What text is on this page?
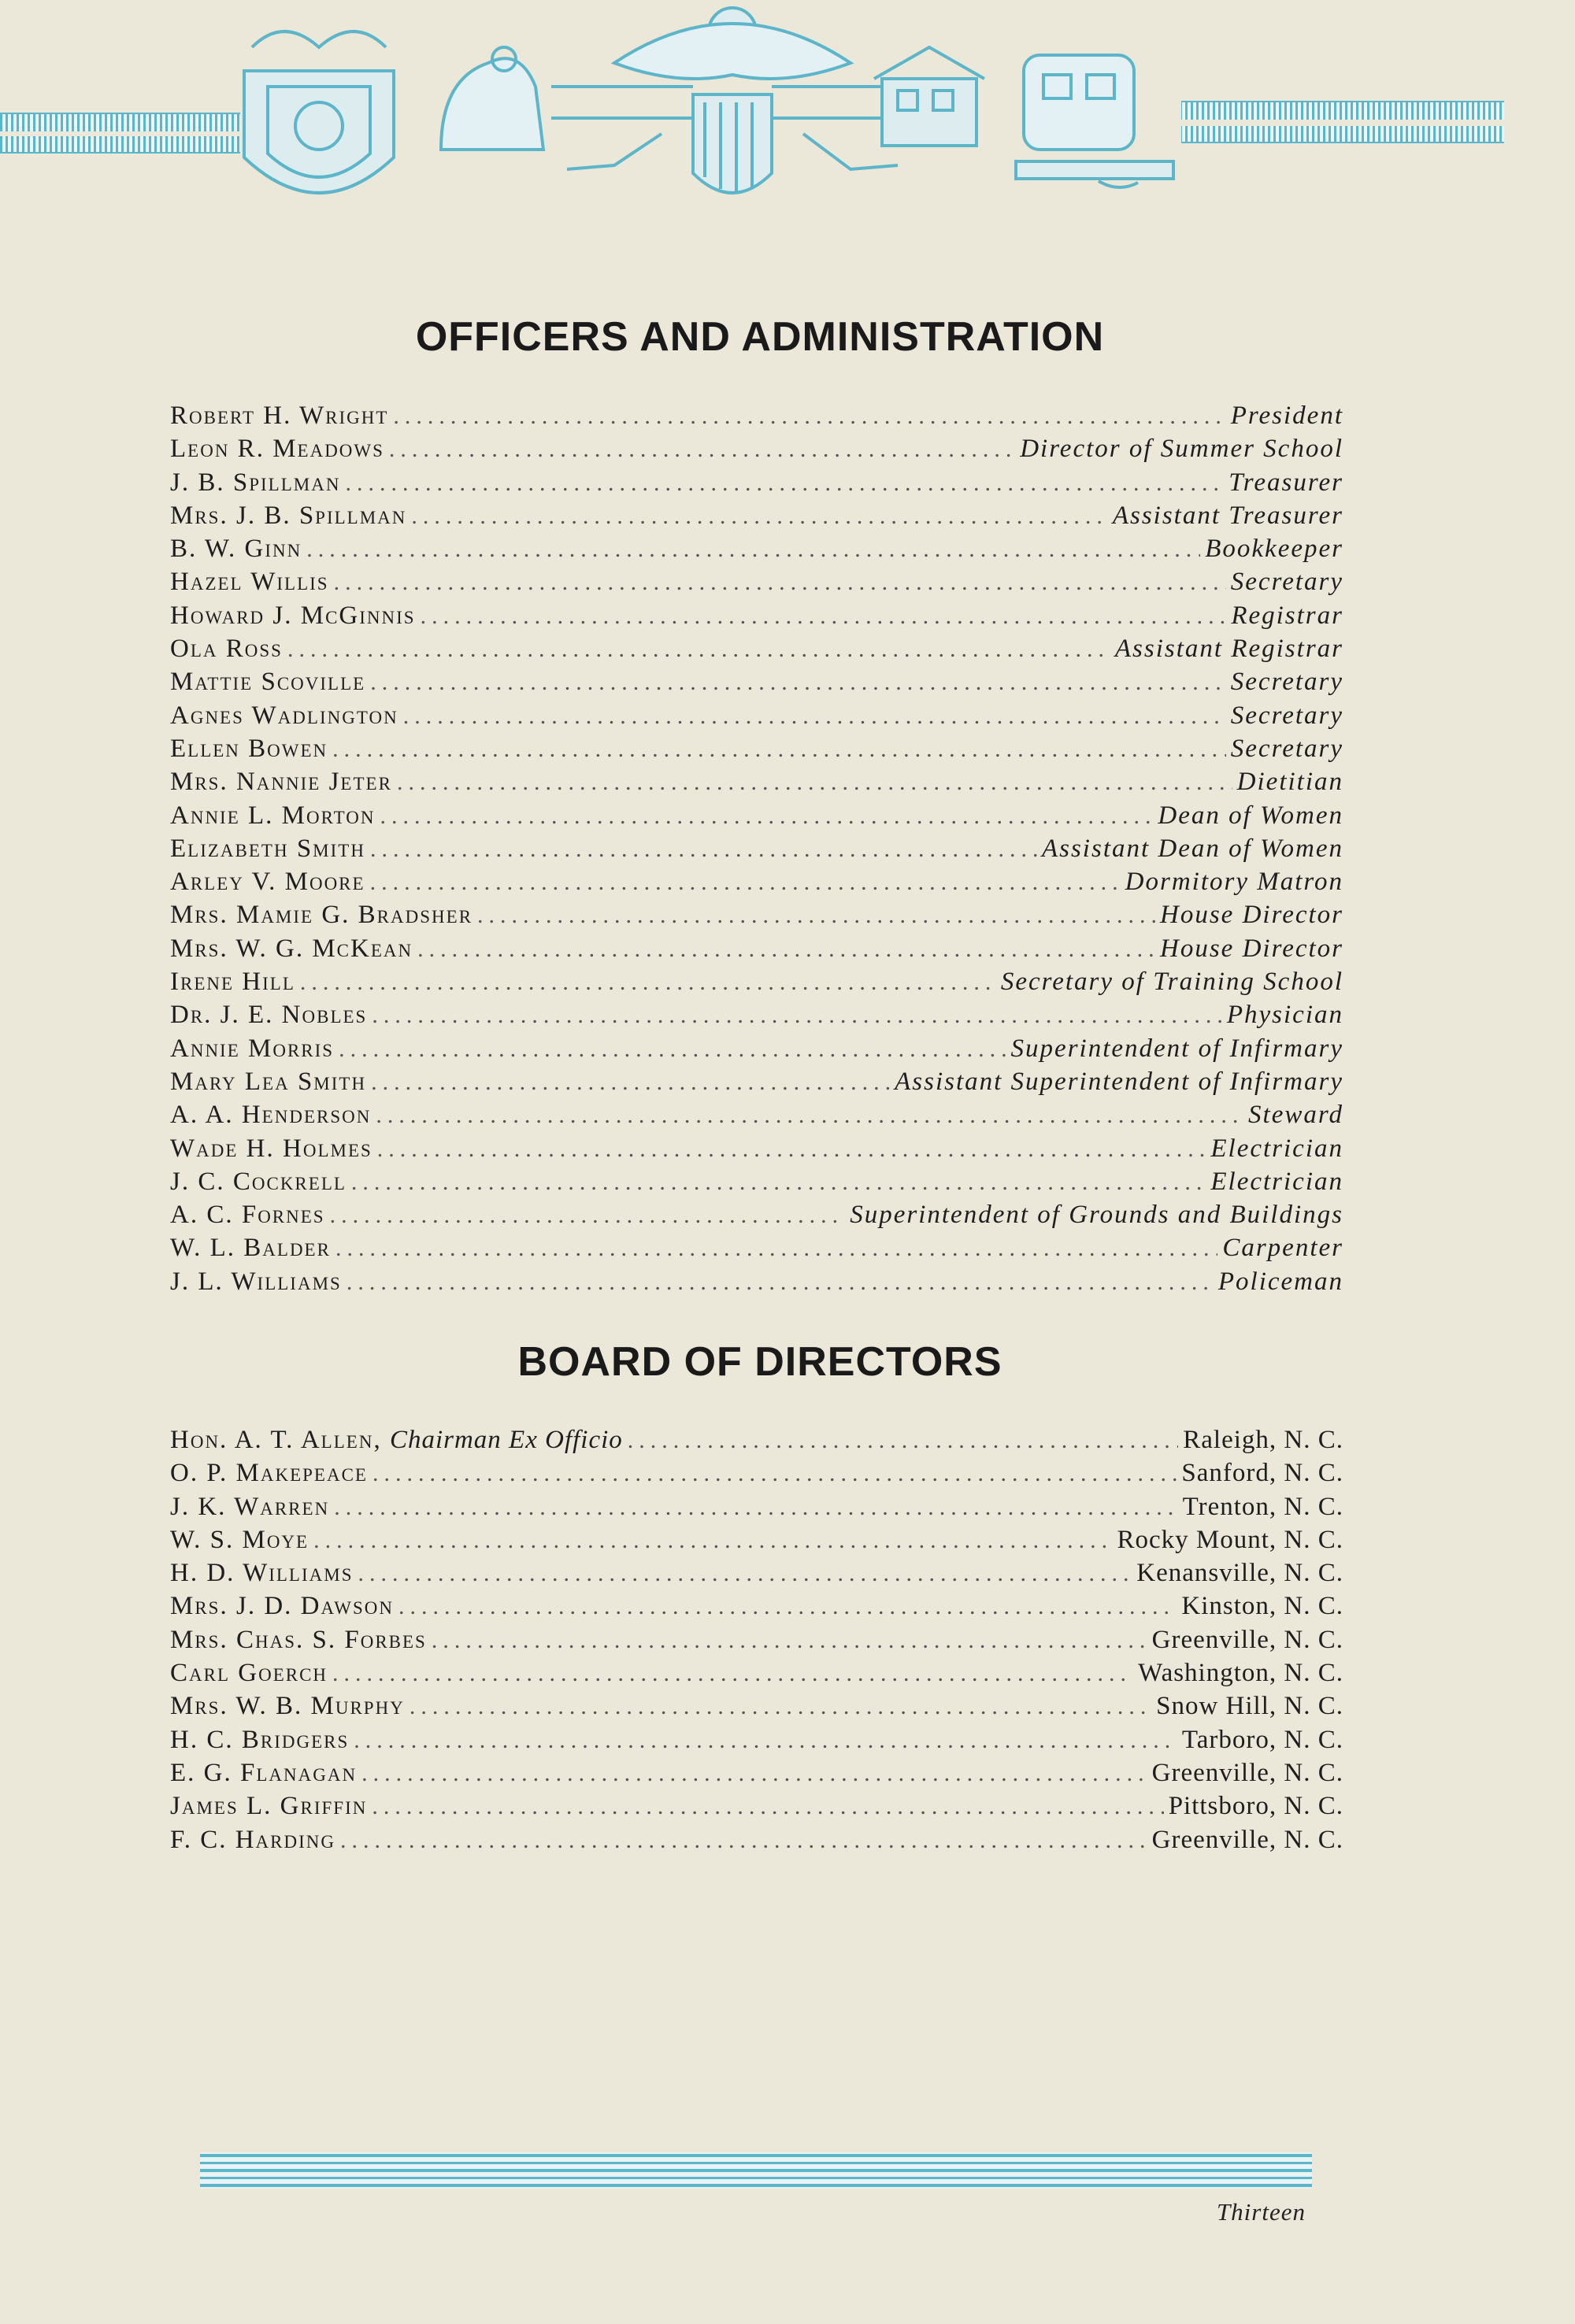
OFFICERS AND ADMINISTRATION
Robert H. Wright .....	President
Leon R. Meadows .....	Director of Summer School
J. B. Spillman .....	Treasurer
Mrs. J. B. Spillman .....	Assistant Treasurer
B. W. Ginn .....	Bookkeeper
Hazel Willis .....	Secretary
Howard J. McGinnis .....	Registrar
Ola Ross .....	Assistant Registrar
Mattie Scoville .....	Secretary
Agnes Wadlington .....	Secretary
Ellen Bowen .....	Secretary
Mrs. Nannie Jeter .....	Dietitian
Annie L. Morton .....	Dean of Women
Elizabeth Smith .....	Assistant Dean of Women
Arley V. Moore .....	Dormitory Matron
Mrs. Mamie G. Bradsher .....	House Director
Mrs. W. G. McKean .....	House Director
Irene Hill .....	Secretary of Training School
Dr. J. E. Nobles .....	Physician
Annie Morris .....	Superintendent of Infirmary
Mary Lea Smith .....	Assistant Superintendent of Infirmary
A. A. Henderson .....	Steward
Wade H. Holmes .....	Electrician
J. C. Cockrell .....	Electrician
A. C. Fornes .....	Superintendent of Grounds and Buildings
W. L. Balder .....	Carpenter
J. L. Williams .....	Policeman
BOARD OF DIRECTORS
Hon. A. T. Allen, Chairman Ex Officio .....	Raleigh, N. C.
O. P. Makepeace .....	Sanford, N. C.
J. K. Warren .....	Trenton, N. C.
W. S. Moye .....	Rocky Mount, N. C.
H. D. Williams .....	Kenansville, N. C.
Mrs. J. D. Dawson .....	Kinston, N. C.
Mrs. Chas. S. Forbes .....	Greenville, N. C.
Carl Goerch .....	Washington, N. C.
Mrs. W. B. Murphy .....	Snow Hill, N. C.
H. C. Bridgers .....	Tarboro, N. C.
E. G. Flanagan .....	Greenville, N. C.
James L. Griffin .....	Pittsboro, N. C.
F. C. Harding .....	Greenville, N. C.
Thirteen
